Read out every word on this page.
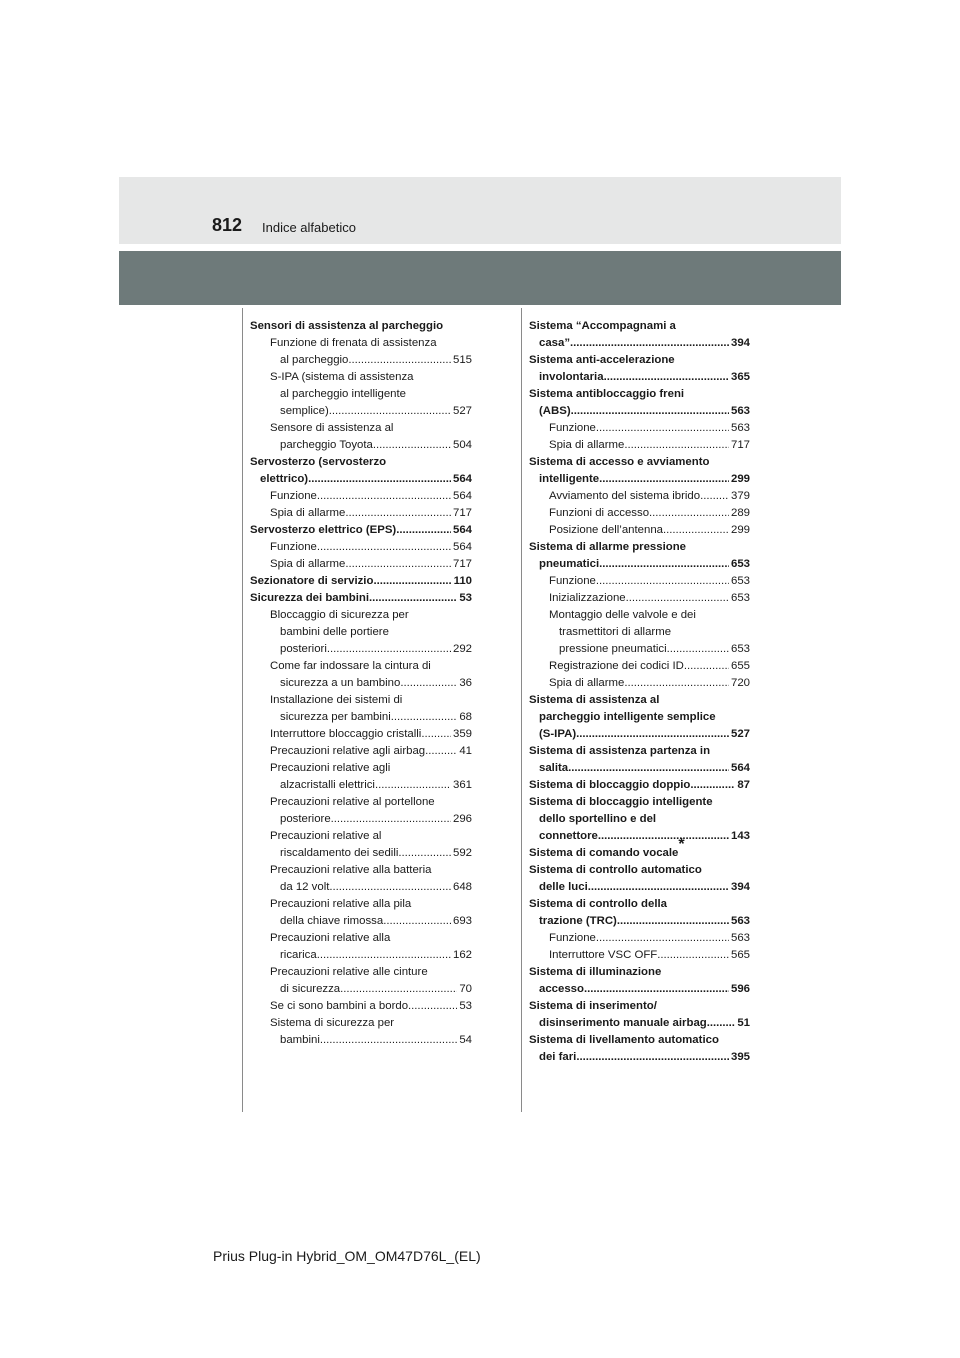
812 Indice alfabetico
Sensori di assistenza al parcheggio
Funzione di frenata di assistenza
al parcheggio . . .	515
S-IPA (sistema di assistenza
al parcheggio intelligente
semplice) . . .	527
Sensore di assistenza al
parcheggio Toyota . . .	504
Servosterzo (servosterzo
elettrico) . . .	564
Funzione . . .	564
Spia di allarme . . .	717
Servosterzo elettrico (EPS) . . .	564
Funzione . . .	564
Spia di allarme . . .	717
Sezionatore di servizio . . .	110
Sicurezza dei bambini . . .	53
Bloccaggio di sicurezza per
bambini delle portiere
posteriori . . .	292
Come far indossare la cintura di
sicurezza a un bambino . . .	36
Installazione dei sistemi di
sicurezza per bambini . . .	68
Interruttore bloccaggio cristalli . . .	359
Precauzioni relative agli airbag . . .	41
Precauzioni relative agli
alzacristalli elettrici . . .	361
Precauzioni relative al portellone
posteriore . . .	296
Precauzioni relative al
riscaldamento dei sedili . . .	592
Precauzioni relative alla batteria
da 12 volt . . .	648
Precauzioni relative alla pila
della chiave rimossa . . .	693
Precauzioni relative alla
ricarica . . .	162
Precauzioni relative alle cinture
di sicurezza . . .	70
Se ci sono bambini a bordo . . .	53
Sistema di sicurezza per
bambini . . .	54
Sistema “Accompagnami a
casa” . . .	394
Sistema anti-accelerazione
involontaria . . .	365
Sistema antibloccaggio freni
(ABS) . . .	563
Funzione . . .	563
Spia di allarme . . .	717
Sistema di accesso e avviamento
intelligente . . .	299
Avviamento del sistema ibrido . . .	379
Funzioni di accesso . . .	289
Posizione dell’antenna . . .	299
Sistema di allarme pressione
pneumatici . . .	653
Funzione . . .	653
Inizializzazione . . .	653
Montaggio delle valvole e dei
trasmettitori di allarme
pressione pneumatici . . .	653
Registrazione dei codici ID . . .	655
Spia di allarme . . .	720
Sistema di assistenza al
parcheggio intelligente semplice
(S-IPA) . . .	527
Sistema di assistenza partenza in
salita . . .	564
Sistema di bloccaggio doppio . . .	87
Sistema di bloccaggio intelligente
dello sportellino e del
connettore . . .	143
Sistema di comando vocale *
Sistema di controllo automatico
delle luci . . .	394
Sistema di controllo della
trazione (TRC) . . .	563
Funzione . . .	563
Interruttore VSC OFF . . .	565
Sistema di illuminazione
accesso . . .	596
Sistema di inserimento/
disinserimento manuale airbag . . .	51
Sistema di livellamento automatico
dei fari . . .	395
Prius Plug-in Hybrid_OM_OM47D76L_(EL)
